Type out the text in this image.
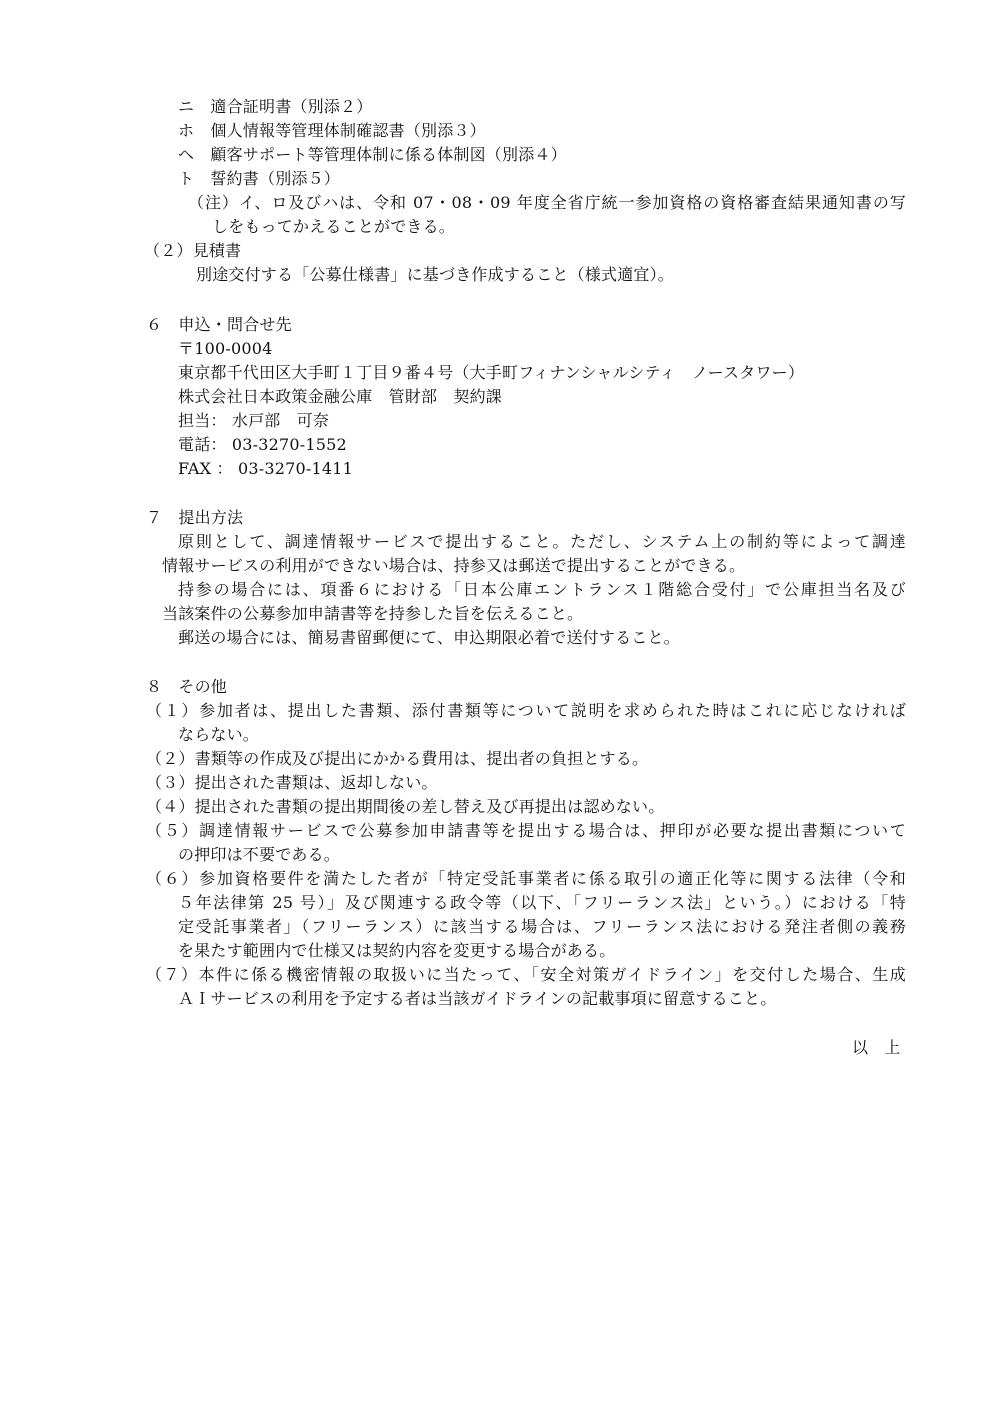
ニ　適合証明書（別添２）
ホ　個人情報等管理体制確認書（別添３）
ヘ　顧客サポート等管理体制に係る体制図（別添４）
ト　誓約書（別添５）
（注）イ、ロ及びハは、令和 07・08・09 年度全省庁統一参加資格の資格審査結果通知書の写
しをもってかえることができる。
（２）見積書
別途交付する「公募仕様書」に基づき作成すること（様式適宜）。
６　申込・問合せ先
〒100-0004
東京都千代田区大手町１丁目９番４号（大手町フィナンシャルシティ　ノースタワー）
株式会社日本政策金融公庫　管財部　契約課
担当： 水戸部　可奈
電話： 03-3270-1552
FAX ： 03-3270-1411
７　提出方法
原則として、調達情報サービスで提出すること。ただし、システム上の制約等によって調達
情報サービスの利用ができない場合は、持参又は郵送で提出することができる。
持参の場合には、項番６における「日本公庫エントランス１階総合受付」で公庫担当名及び
当該案件の公募参加申請書等を持参した旨を伝えること。
郵送の場合には、簡易書留郵便にて、申込期限必着で送付すること。
８　その他
（１）参加者は、提出した書類、添付書類等について説明を求められた時はこれに応じなければ
ならない。
（２）書類等の作成及び提出にかかる費用は、提出者の負担とする。
（３）提出された書類は、返却しない。
（４）提出された書類の提出期間後の差し替え及び再提出は認めない。
（５）調達情報サービスで公募参加申請書等を提出する場合は、押印が必要な提出書類について
の押印は不要である。
（６）参加資格要件を満たした者が「特定受託事業者に係る取引の適正化等に関する法律（令和
５年法律第 25 号）」及び関連する政令等（以下、「フリーランス法」という。）における「特
定受託事業者」（フリーランス）に該当する場合は、フリーランス法における発注者側の義務
を果たす範囲内で仕様又は契約内容を変更する場合がある。
（７）本件に係る機密情報の取扱いに当たって、「安全対策ガイドライン」を交付した場合、生成
ＡＩサービスの利用を予定する者は当該ガイドラインの記載事項に留意すること。
以　上
